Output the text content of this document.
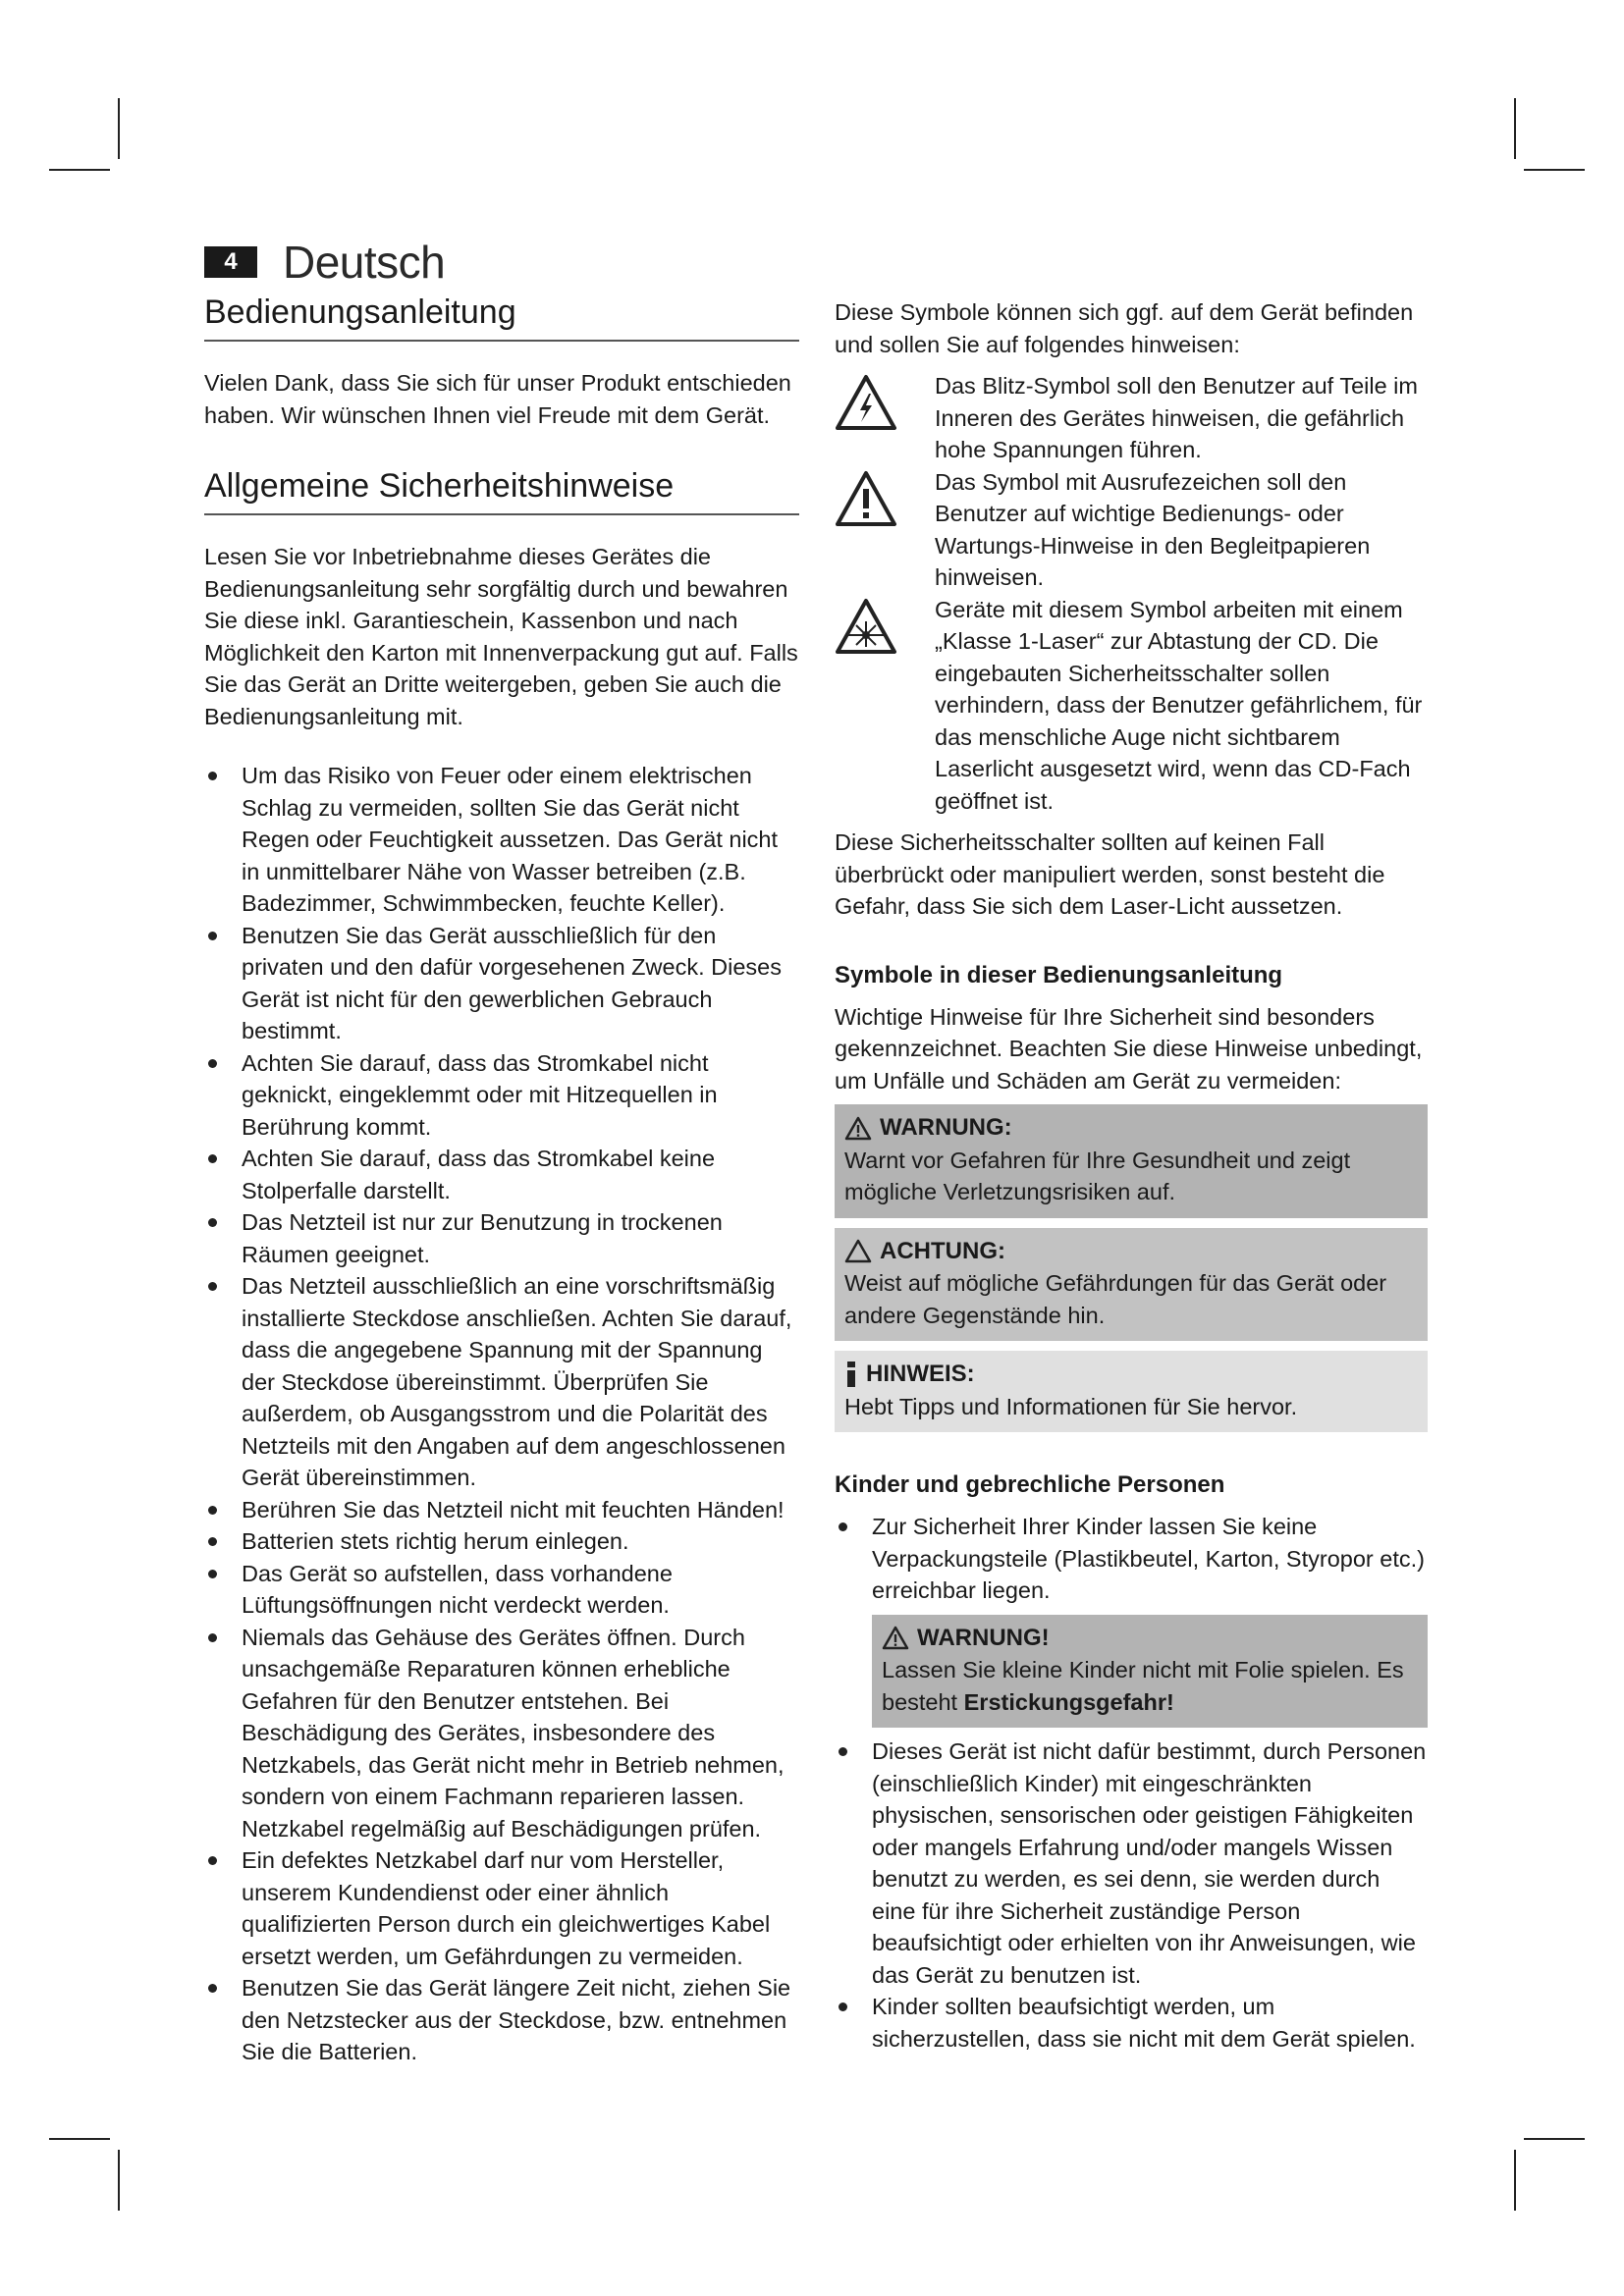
4	Deutsch
Bedienungsanleitung

Vielen Dank, dass Sie sich für unser Produkt entschieden haben. Wir wünschen Ihnen viel Freude mit dem Gerät.

Allgemeine Sicherheitshinweise

Lesen Sie vor Inbetriebnahme dieses Gerätes die Bedienungsanleitung sehr sorgfältig durch und bewahren Sie diese inkl. Garantieschein, Kassenbon und nach Möglichkeit den Karton mit Innenverpackung gut auf. Falls Sie das Gerät an Dritte weitergeben, geben Sie auch die Bedienungsanleitung mit.

Um das Risiko von Feuer oder einem elektrischen Schlag zu vermeiden, sollten Sie das Gerät nicht Regen oder Feuchtigkeit aussetzen. Das Gerät nicht in unmittelbarer Nähe von Wasser betreiben (z.B. Badezimmer, Schwimmbecken, feuchte Keller).
Benutzen Sie das Gerät ausschließlich für den privaten und den dafür vorgesehenen Zweck. Dieses Gerät ist nicht für den gewerblichen Gebrauch bestimmt.
Achten Sie darauf, dass das Stromkabel nicht geknickt, eingeklemmt oder mit Hitzequellen in Berührung kommt.
Achten Sie darauf, dass das Stromkabel keine Stolperfalle darstellt.
Das Netzteil ist nur zur Benutzung in trockenen Räumen geeignet.
Das Netzteil ausschließlich an eine vorschriftsmäßig installierte Steckdose anschließen. Achten Sie darauf, dass die angegebene Spannung mit der Spannung der Steckdose übereinstimmt. Überprüfen Sie außerdem, ob Ausgangsstrom und die Polarität des Netzteils mit den Angaben auf dem angeschlossenen Gerät übereinstimmen.
Berühren Sie das Netzteil nicht mit feuchten Händen!
Batterien stets richtig herum einlegen.
Das Gerät so aufstellen, dass vorhandene Lüftungsöffnungen nicht verdeckt werden.
Niemals das Gehäuse des Gerätes öffnen. Durch unsachgemäße Reparaturen können erhebliche Gefahren für den Benutzer entstehen. Bei Beschädigung des Gerätes, insbesondere des Netzkabels, das Gerät nicht mehr in Betrieb nehmen, sondern von einem Fachmann reparieren lassen. Netzkabel regelmäßig auf Beschädigungen prüfen.
Ein defektes Netzkabel darf nur vom Hersteller, unserem Kundendienst oder einer ähnlich qualifizierten Person durch ein gleichwertiges Kabel ersetzt werden, um Gefährdungen zu vermeiden.
Benutzen Sie das Gerät längere Zeit nicht, ziehen Sie den Netzstecker aus der Steckdose, bzw. entnehmen Sie die Batterien.

Diese Symbole können sich ggf. auf dem Gerät befinden und sollen Sie auf folgendes hinweisen:

Das Blitz-Symbol soll den Benutzer auf Teile im Inneren des Gerätes hinweisen, die gefährlich hohe Spannungen führen.
Das Symbol mit Ausrufezeichen soll den Benutzer auf wichtige Bedienungs- oder Wartungs-Hinweise in den Begleitpapieren hinweisen.
Geräte mit diesem Symbol arbeiten mit einem „Klasse 1-Laser“ zur Abtastung der CD. Die eingebauten Sicherheitsschalter sollen verhindern, dass der Benutzer gefährlichem, für das menschliche Auge nicht sichtbarem Laserlicht ausgesetzt wird, wenn das CD-Fach geöffnet ist.

Diese Sicherheitsschalter sollten auf keinen Fall überbrückt oder manipuliert werden, sonst besteht die Gefahr, dass Sie sich dem Laser-Licht aussetzen.

Symbole in dieser Bedienungsanleitung

Wichtige Hinweise für Ihre Sicherheit sind besonders gekennzeichnet. Beachten Sie diese Hinweise unbedingt, um Unfälle und Schäden am Gerät zu vermeiden:

WARNUNG:
Warnt vor Gefahren für Ihre Gesundheit und zeigt mögliche Verletzungsrisiken auf.
ACHTUNG:
Weist auf mögliche Gefährdungen für das Gerät oder andere Gegenstände hin.
HINWEIS:
Hebt Tipps und Informationen für Sie hervor.
Kinder und gebrechliche Personen
Zur Sicherheit Ihrer Kinder lassen Sie keine Verpackungsteile (Plastikbeutel, Karton, Styropor etc.) erreichbar liegen.
WARNUNG!
Lassen Sie kleine Kinder nicht mit Folie spielen. Es besteht Erstickungsgefahr!
Dieses Gerät ist nicht dafür bestimmt, durch Personen (einschließlich Kinder) mit eingeschränkten physischen, sensorischen oder geistigen Fähigkeiten oder mangels Erfahrung und/oder mangels Wissen benutzt zu werden, es sei denn, sie werden durch eine für ihre Sicherheit zuständige Person beaufsichtigt oder erhielten von ihr Anweisungen, wie das Gerät zu benutzen ist.
Kinder sollten beaufsichtigt werden, um sicherzustellen, dass sie nicht mit dem Gerät spielen.
